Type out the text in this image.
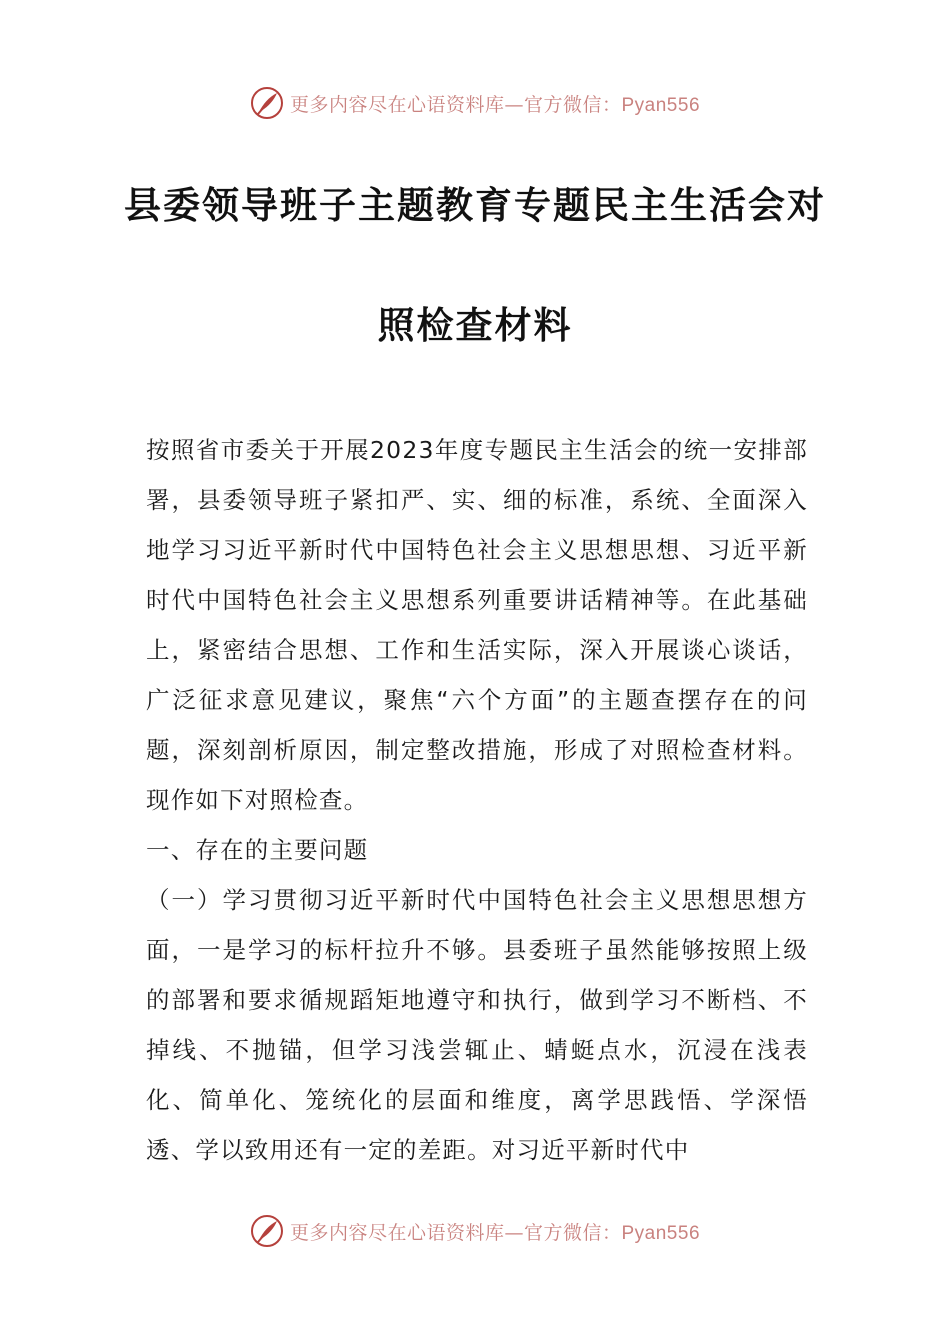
更多内容尽在心语资料库—官方微信：Pyan556
县委领导班子主题教育专题民主生活会对
照检查材料

按照省市委关于开展2023年度专题民主生活会的统一安排部署，县委领导班子紧扣严、实、细的标准，系统、全面深入地学习习近平新时代中国特色社会主义思想思想、习近平新时代中国特色社会主义思想系列重要讲话精神等。在此基础上，紧密结合思想、工作和生活实际，深入开展谈心谈话，广泛征求意见建议，聚焦“六个方面”的主题查摆存在的问题，深刻剖析原因，制定整改措施，形成了对照检查材料。现作如下对照检查。

一、存在的主要问题

（一）学习贯彻习近平新时代中国特色社会主义思想思想方面，一是学习的标杆拉升不够。县委班子虽然能够按照上级的部署和要求循规蹈矩地遵守和执行，做到学习不断档、不掉线、不抛锚，但学习浅尝辄止、蜻蜓点水，沉浸在浅表化、简单化、笼统化的层面和维度，离学思践悟、学深悟透、学以致用还有一定的差距。对习近平新时代中

更多内容尽在心语资料库—官方微信：Pyan556
